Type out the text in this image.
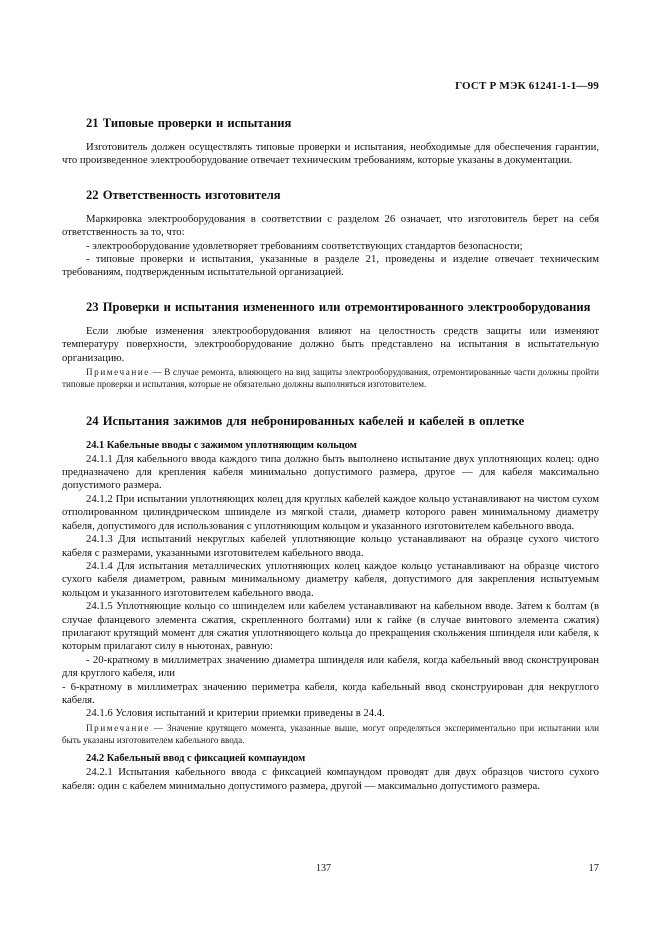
ГОСТ Р МЭК 61241-1-1—99
21 Типовые проверки и испытания

Изготовитель должен осуществлять типовые проверки и испытания, необходимые для обеспечения гарантии, что произведенное электрооборудование отвечает техническим требованиям, которые указаны в документации.

22 Ответственность изготовителя

Маркировка электрооборудования в соответствии с разделом 26 означает, что изготовитель берет на себя ответственность за то, что:

- электрооборудование удовлетворяет требованиям соответствующих стандартов безопасности;

- типовые проверки и испытания, указанные в разделе 21, проведены и изделие отвечает техническим требованиям, подтвержденным испытательной организацией.

23 Проверки и испытания измененного или отремонтированного электрооборудования

Если любые изменения электрооборудования влияют на целостность средств защиты или изменяют температуру поверхности, электрооборудование должно быть представлено на испытания в испытательную организацию.

Примечание — В случае ремонта, влияющего на вид защиты электрооборудования, отремонтированные части должны пройти типовые проверки и испытания, которые не обязательно должны выполняться изготовителем.

24 Испытания зажимов для небронированных кабелей и кабелей в оплетке
24.1 Кабельные вводы с зажимом уплотняющим кольцом

24.1.1 Для кабельного ввода каждого типа должно быть выполнено испытание двух уплотняющих колец: одно предназначено для крепления кабеля минимально допустимого размера, другое — для кабеля максимально допустимого размера.

24.1.2 При испытании уплотняющих колец для круглых кабелей каждое кольцо устанавливают на чистом сухом отполированном цилиндрическом шпинделе из мягкой стали, диаметр которого равен минимальному диаметру кабеля, допустимого для использования с уплотняющим кольцом и указанного изготовителем кабельного ввода.

24.1.3 Для испытаний некруглых кабелей уплотняющие кольцо устанавливают на образце сухого чистого кабеля с размерами, указанными изготовителем кабельного ввода.

24.1.4 Для испытания металлических уплотняющих колец каждое кольцо устанавливают на образце чистого сухого кабеля диаметром, равным минимальному диаметру кабеля, допустимого для закрепления испытуемым кольцом и указанного изготовителем кабельного ввода.

24.1.5 Уплотняющие кольцо со шпинделем или кабелем устанавливают на кабельном вводе. Затем к болтам (в случае фланцевого элемента сжатия, скрепленного болтами) или к гайке (в случае винтового элемента сжатия) прилагают крутящий момент для сжатия уплотняющего кольца до прекращения скольжения шпинделя или кабеля, к которым прилагают силу в ньютонах, равную:

- 20-кратному в миллиметрах значению диаметра шпинделя или кабеля, когда кабельный ввод сконструирован для круглого кабеля, или

- 6-кратному в миллиметрах значению периметра кабеля, когда кабельный ввод сконструирован для некруглого кабеля.

24.1.6 Условия испытаний и критерии приемки приведены в 24.4.

Примечание — Значение крутящего момента, указанные выше, могут определяться экспериментально при испытании или быть указаны изготовителем кабельного ввода.

24.2 Кабельный ввод с фиксацией компаундом

24.2.1 Испытания кабельного ввода с фиксацией компаундом проводят для двух образцов чистого сухого кабеля: один с кабелем минимально допустимого размера, другой — максимально допустимого размера.

137	17
